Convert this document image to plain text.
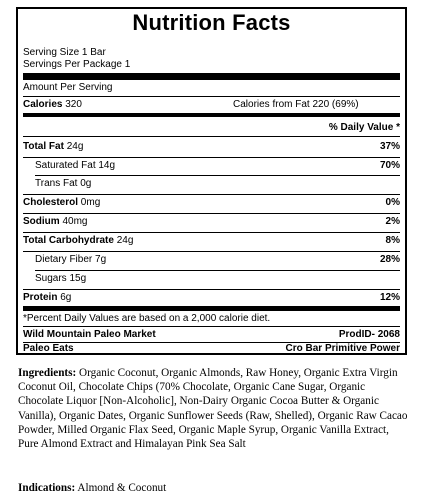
Nutrition Facts
Serving Size 1 Bar
Servings Per Package 1
Amount Per Serving
Calories 320	Calories from Fat 220 (69%)
% Daily Value *
Total Fat 24g	37%
Saturated Fat 14g	70%
Trans Fat 0g
Cholesterol 0mg	0%
Sodium 40mg	2%
Total Carbohydrate 24g	8%
Dietary Fiber 7g	28%
Sugars 15g
Protein 6g	12%
*Percent Daily Values are based on a 2,000 calorie diet.
Wild Mountain Paleo Market	ProdID- 2068
Paleo Eats	Cro Bar Primitive Power
Ingredients: Organic Coconut, Organic Almonds, Raw Honey, Organic Extra Virgin Coconut Oil, Chocolate Chips (70% Chocolate, Organic Cane Sugar, Organic Chocolate Liquor [Non-Alcoholic], Non-Dairy Organic Cocoa Butter & Organic Vanilla), Organic Dates, Organic Sunflower Seeds (Raw, Shelled), Organic Raw Cacao Powder, Milled Organic Flax Seed, Organic Maple Syrup, Organic Vanilla Extract, Pure Almond Extract and Himalayan Pink Sea Salt
Indications: Almond & Coconut
